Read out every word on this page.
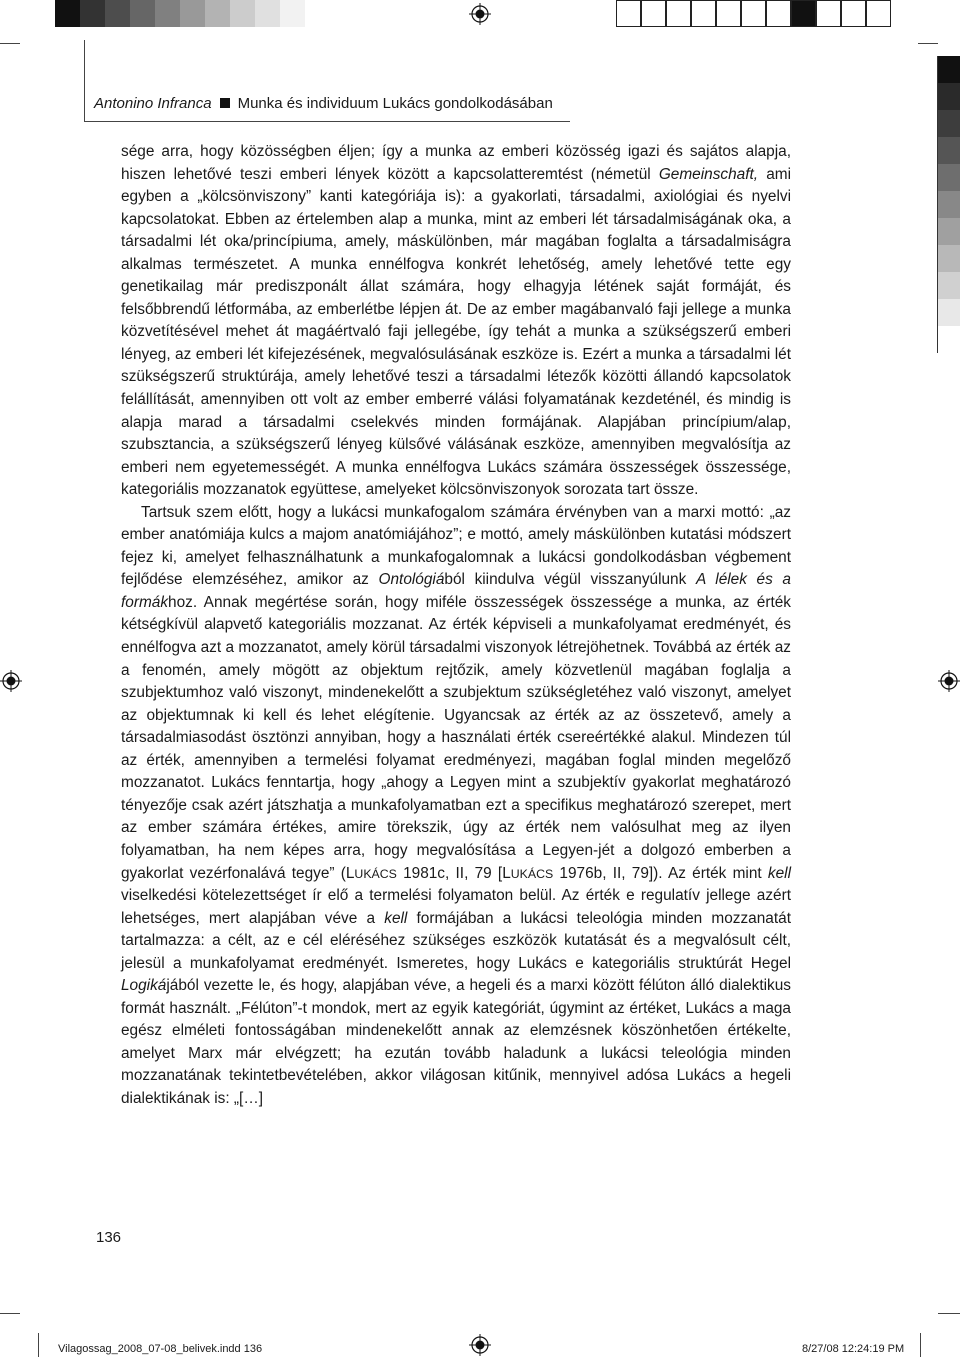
Antonino Infranca Munka és individuum Lukács gondolkodásában

sége arra, hogy közösségben éljen; így a munka az emberi közösség igazi és sajátos alapja, hiszen lehetővé teszi emberi lények között a kapcsolatteremtést (németül Gemeinschaft, ami egyben a „kölcsönviszony” kanti kategóriája is): a gyakorlati, társadalmi, axiológiai és nyelvi kapcsolatokat. Ebben az értelemben alap a munka, mint az emberi lét társadalmiságának oka, a társadalmi lét oka/princípiuma, amely, máskülönben, már magában foglalta a társadalmiságra alkalmas természetet. A munka ennélfogva konkrét lehetőség, amely lehetővé tette egy genetikailag már prediszponált állat számára, hogy elhagyja létének saját formáját, és felsőbbrendű létformába, az emberlétbe lépjen át. De az ember magábanvaló faji jellege a munka közvetítésével mehet át magáértvaló faji jellegébe, így tehát a munka a szükségszerű emberi lényeg, az emberi lét kifejezésének, megvalósulásának eszköze is. Ezért a munka a társadalmi lét szükségszerű struktúrája, amely lehetővé teszi a társadalmi létezők közötti állandó kapcsolatok felállítását, amennyiben ott volt az ember emberré válási folyamatának kezdeténél, és mindig is alapja marad a társadalmi cselekvés minden formájának. Alapjában princípium/alap, szubsztancia, a szükségszerű lényeg külsővé válásának eszköze, amennyiben megvalósítja az emberi nem egyetemességét. A munka ennélfogva Lukács számára összességek összessége, kategoriális mozzanatok együttese, amelyeket kölcsönviszonyok sorozata tart össze.

Tartsuk szem előtt, hogy a lukácsi munkafogalom számára érvényben van a marxi mottó: „az ember anatómiája kulcs a majom anatómiájához”; e mottó, amely máskülönben kutatási módszert fejez ki, amelyet felhasználhatunk a munkafogalomnak a lukácsi gondolkodásban végbement fejlődése elemzéséhez, amikor az Ontológiából kiindulva végül visszanyúlunk A lélek és a formákhoz. Annak megértése során, hogy miféle összességek összessége a munka, az érték kétségkívül alapvető kategoriális mozzanat. Az érték képviseli a munkafolyamat eredményét, és ennélfogva azt a mozzanatot, amely körül társadalmi viszonyok létrejöhetnek. Továbbá az érték az a fenomén, amely mögött az objektum rejtőzik, amely közvetlenül magában foglalja a szubjektumhoz való viszonyt, mindenekelőtt a szubjektum szükségletéhez való viszonyt, amelyet az objektumnak ki kell és lehet elégítenie. Ugyancsak az érték az az összetevő, amely a társadalmiasodást ösztönzi annyiban, hogy a használati érték csereértékké alakul. Mindezen túl az érték, amennyiben a termelési folyamat eredményezi, magában foglal minden megelőző mozzanatot. Lukács fenntartja, hogy „ahogy a Legyen mint a szubjektív gyakorlat meghatározó tényezője csak azért játszhatja a munkafolyamatban ezt a specifikus meghatározó szerepet, mert az ember számára értékes, amire törekszik, úgy az érték nem valósulhat meg az ilyen folyamatban, ha nem képes arra, hogy megvalósítása a Legyen-jét a dolgozó emberben a gyakorlat vezérfonalává tegye” (LUKÁCS 1981c, II, 79 [LUKÁCS 1976b, II, 79]). Az érték mint kell viselkedési kötelezettséget ír elő a termelési folyamaton belül. Az érték e regulatív jellege azért lehetséges, mert alapjában véve a kell formájában a lukácsi teleológia minden mozzanatát tartalmazza: a célt, az e cél eléréséhez szükséges eszközök kutatását és a megvalósult célt, jelesül a munkafolyamat eredményét. Ismeretes, hogy Lukács e kategoriális struktúrát Hegel Logikájából vezette le, és hogy, alapjában véve, a hegeli és a marxi között félúton álló dialektikus formát használt. „Félúton”-t mondok, mert az egyik kategóriát, úgymint az értéket, Lukács a maga egész elméleti fontosságában mindenekelőtt annak az elemzésnek köszönhetően értékelte, amelyet Marx már elvégzett; ha ezután tovább haladunk a lukácsi teleológia minden mozzanatának tekintetbevételében, akkor világosan kitűnik, mennyivel adósa Lukács a hegeli dialektikának is: „[…]

136
Vilagossag_2008_07-08_belivek.indd 136	8/27/08 12:24:19 PM
